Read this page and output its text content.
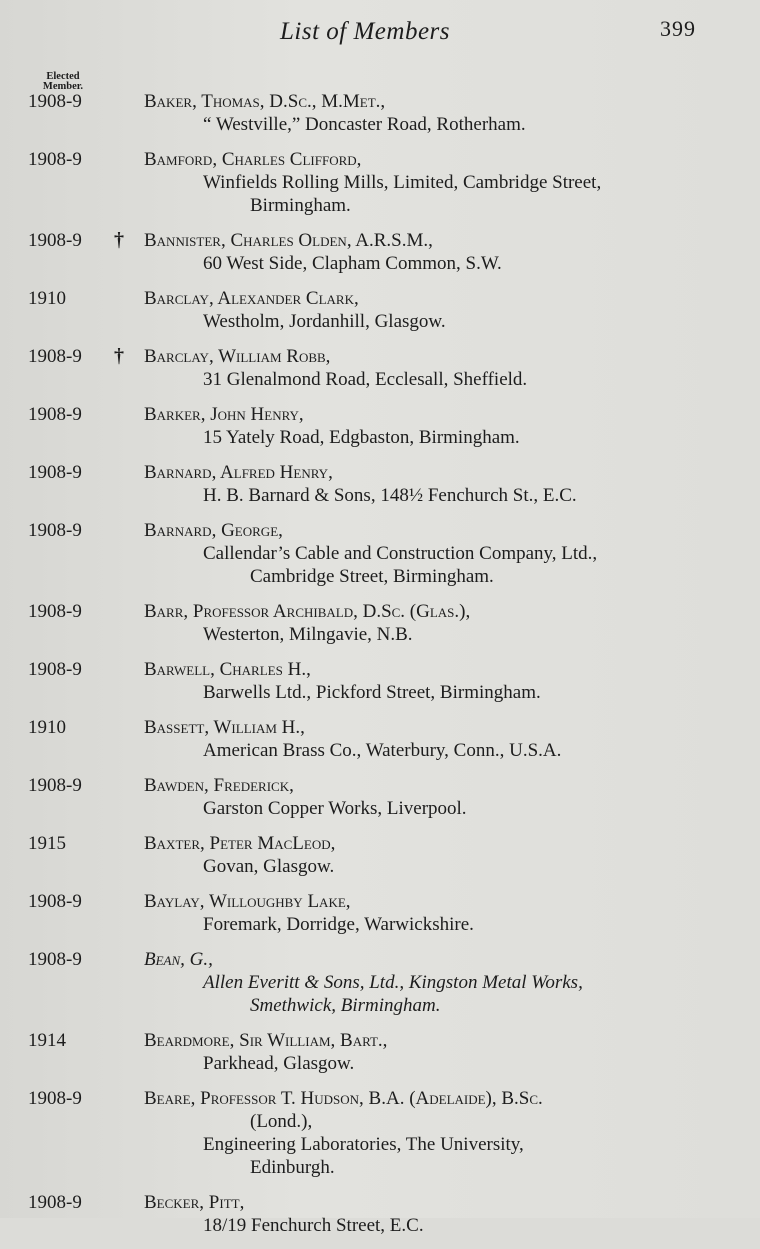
List of Members	399
Elected
Member.
1908-9	Baker, Thomas, D.Sc., M.Met.,
“ Westville,” Doncaster Road, Rotherham.
1908-9	Bamford, Charles Clifford,
Winfields Rolling Mills, Limited, Cambridge Street,
Birmingham.
1908-9 † Bannister, Charles Olden, A.R.S.M.,
60 West Side, Clapham Common, S.W.
1910	Barclay, Alexander Clark,
Westholm, Jordanhill, Glasgow.
1908-9 † Barclay, William Robb,
31 Glenalmond Road, Ecclesall, Sheffield.
1908-9	Barker, John Henry,
15 Yately Road, Edgbaston, Birmingham.
1908-9	Barnard, Alfred Henry,
H. B. Barnard & Sons, 148½ Fenchurch St., E.C.
1908-9	Barnard, George,
Callendar’s Cable and Construction Company, Ltd.,
Cambridge Street, Birmingham.
1908-9	Barr, Professor Archibald, D.Sc. (Glas.),
Westerton, Milngavie, N.B.
1908-9	Barwell, Charles H.,
Barwells Ltd., Pickford Street, Birmingham.
1910	Bassett, William H.,
American Brass Co., Waterbury, Conn., U.S.A.
1908-9	Bawden, Frederick,
Garston Copper Works, Liverpool.
1915	Baxter, Peter MacLeod,
Govan, Glasgow.
1908-9	Baylay, Willoughby Lake,
Foremark, Dorridge, Warwickshire.
1908-9	Bean, G.,
Allen Everitt & Sons, Ltd., Kingston Metal Works,
Smethwick, Birmingham.
1914	Beardmore, Sir William, Bart.,
Parkhead, Glasgow.
1908-9	Beare, Professor T. Hudson, B.A. (Adelaide), B.Sc.
(Lond.),
Engineering Laboratories, The University,
Edinburgh.
1908-9	Becker, Pitt,
18/19 Fenchurch Street, E.C.
